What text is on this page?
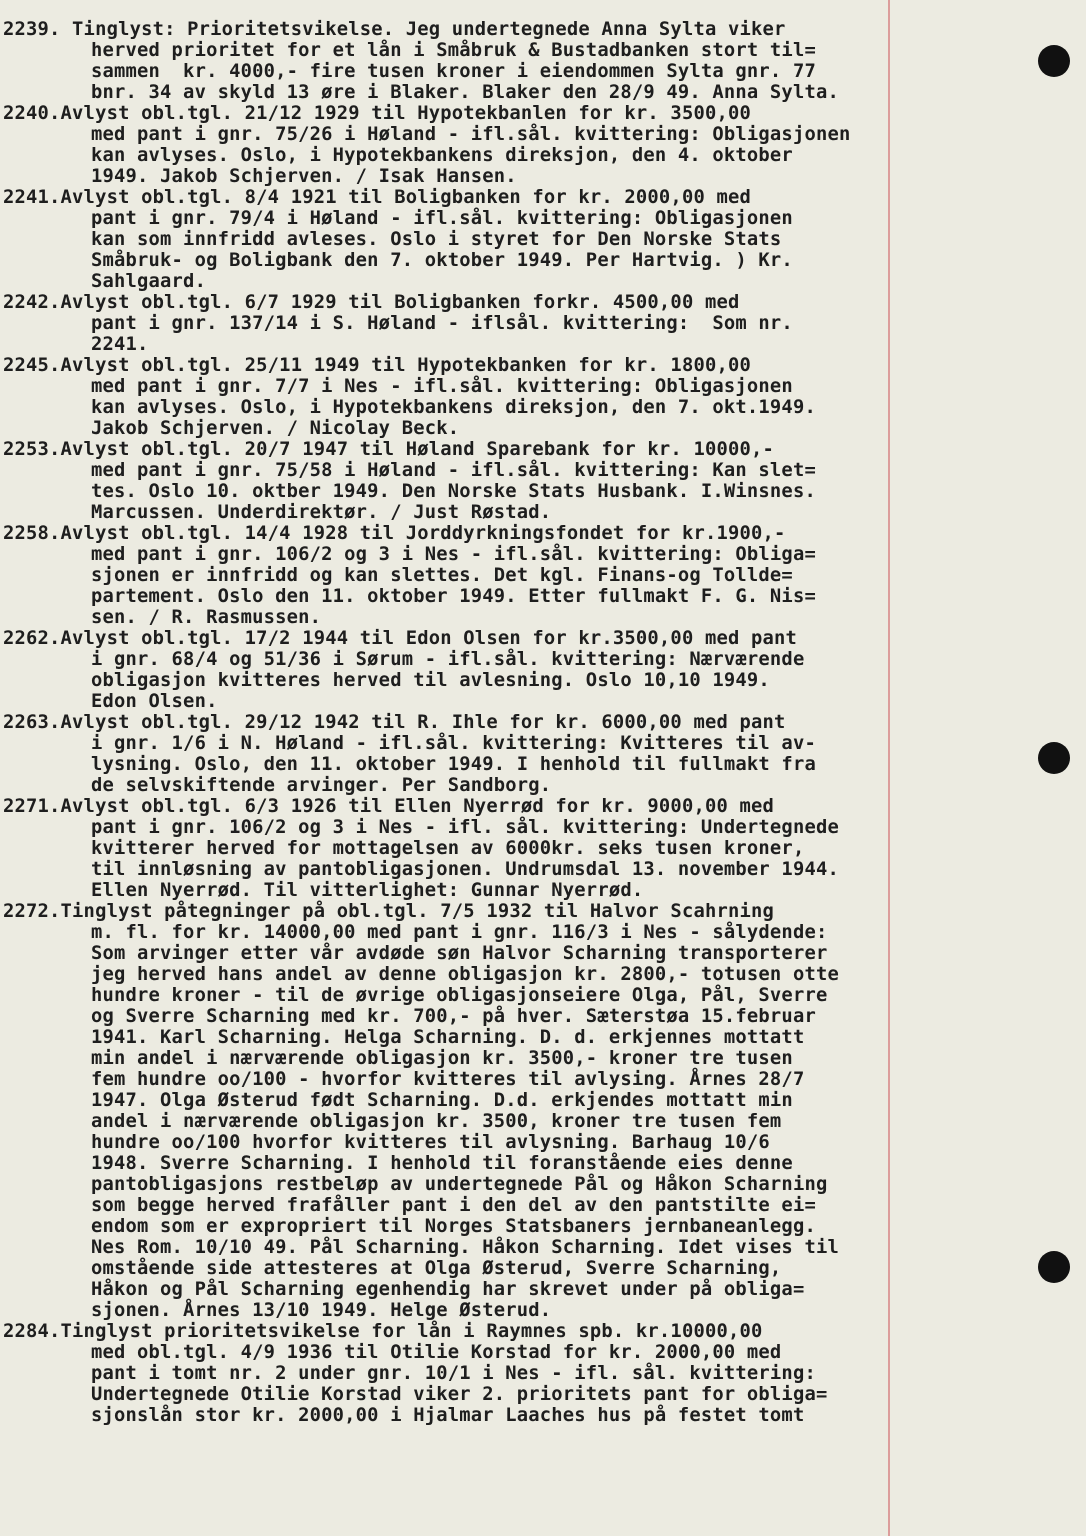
2239. Tinglyst: Prioritetsvikelse. Jeg undertegnede Anna Sylta viker
herved prioritet for et lån i Småbruk & Bustadbanken stort til=
sammen  kr. 4000,- fire tusen kroner i eiendommen Sylta gnr. 77
bnr. 34 av skyld 13 øre i Blaker. Blaker den 28/9 49. Anna Sylta.
2240.Avlyst obl.tgl. 21/12 1929 til Hypotekbanlen for kr. 3500,00
med pant i gnr. 75/26 i Høland - ifl.sål. kvittering: Obligasjonen
kan avlyses. Oslo, i Hypotekbankens direksjon, den 4. oktober
1949. Jakob Schjerven. / Isak Hansen.
2241.Avlyst obl.tgl. 8/4 1921 til Boligbanken for kr. 2000,00 med
pant i gnr. 79/4 i Høland - ifl.sål. kvittering: Obligasjonen
kan som innfridd avleses. Oslo i styret for Den Norske Stats
Småbruk- og Boligbank den 7. oktober 1949. Per Hartvig. ) Kr.
Sahlgaard.
2242.Avlyst obl.tgl. 6/7 1929 til Boligbanken forkr. 4500,00 med
pant i gnr. 137/14 i S. Høland - iflsål. kvittering:  Som nr.
2241.
2245.Avlyst obl.tgl. 25/11 1949 til Hypotekbanken for kr. 1800,00
med pant i gnr. 7/7 i Nes - ifl.sål. kvittering: Obligasjonen
kan avlyses. Oslo, i Hypotekbankens direksjon, den 7. okt.1949.
Jakob Schjerven. / Nicolay Beck.
2253.Avlyst obl.tgl. 20/7 1947 til Høland Sparebank for kr. 10000,-
med pant i gnr. 75/58 i Høland - ifl.sål. kvittering: Kan slet=
tes. Oslo 10. oktber 1949. Den Norske Stats Husbank. I.Winsnes.
Marcussen. Underdirektør. / Just Røstad.
2258.Avlyst obl.tgl. 14/4 1928 til Jorddyrkningsfondet for kr.1900,-
med pant i gnr. 106/2 og 3 i Nes - ifl.sål. kvittering: Obliga=
sjonen er innfridd og kan slettes. Det kgl. Finans-og Tollde=
partement. Oslo den 11. oktober 1949. Etter fullmakt F. G. Nis=
sen. / R. Rasmussen.
2262.Avlyst obl.tgl. 17/2 1944 til Edon Olsen for kr.3500,00 med pant
i gnr. 68/4 og 51/36 i Sørum - ifl.sål. kvittering: Nærværende
obligasjon kvitteres herved til avlesning. Oslo 10,10 1949.
Edon Olsen.
2263.Avlyst obl.tgl. 29/12 1942 til R. Ihle for kr. 6000,00 med pant
i gnr. 1/6 i N. Høland - ifl.sål. kvittering: Kvitteres til av-
lysning. Oslo, den 11. oktober 1949. I henhold til fullmakt fra
de selvskiftende arvinger. Per Sandborg.
2271.Avlyst obl.tgl. 6/3 1926 til Ellen Nyerrød for kr. 9000,00 med
pant i gnr. 106/2 og 3 i Nes - ifl. sål. kvittering: Undertegnede
kvitterer herved for mottagelsen av 6000kr. seks tusen kroner,
til innløsning av pantobligasjonen. Undrumsdal 13. november 1944.
Ellen Nyerrød. Til vitterlighet: Gunnar Nyerrød.
2272.Tinglyst påtegninger på obl.tgl. 7/5 1932 til Halvor Scahrning
m. fl. for kr. 14000,00 med pant i gnr. 116/3 i Nes - sålydende:
Som arvinger etter vår avdøde søn Halvor Scharning transporterer
jeg herved hans andel av denne obligasjon kr. 2800,- totusen otte
hundre kroner - til de øvrige obligasjonseiere Olga, Pål, Sverre
og Sverre Scharning med kr. 700,- på hver. Sæterstøa 15.februar
1941. Karl Scharning. Helga Scharning. D. d. erkjennes mottatt
min andel i nærværende obligasjon kr. 3500,- kroner tre tusen
fem hundre oo/100 - hvorfor kvitteres til avlysing. Årnes 28/7
1947. Olga Østerud født Scharning. D.d. erkjendes mottatt min
andel i nærværende obligasjon kr. 3500, kroner tre tusen fem
hundre oo/100 hvorfor kvitteres til avlysning. Barhaug 10/6
1948. Sverre Scharning. I henhold til foranstående eies denne
pantobligasjons restbeløp av undertegnede Pål og Håkon Scharning
som begge herved frafåller pant i den del av den pantstilte ei=
endom som er expropriert til Norges Statsbaners jernbaneanlegg.
Nes Rom. 10/10 49. Pål Scharning. Håkon Scharning. Idet vises til
omstående side attesteres at Olga Østerud, Sverre Scharning,
Håkon og Pål Scharning egenhendig har skrevet under på obliga=
sjonen. Årnes 13/10 1949. Helge Østerud.
2284.Tinglyst prioritetsvikelse for lån i Raymnes spb. kr.10000,00
med obl.tgl. 4/9 1936 til Otilie Korstad for kr. 2000,00 med
pant i tomt nr. 2 under gnr. 10/1 i Nes - ifl. sål. kvittering:
Undertegnede Otilie Korstad viker 2. prioritets pant for obliga=
sjonslån stor kr. 2000,00 i Hjalmar Laaches hus på festet tomt
